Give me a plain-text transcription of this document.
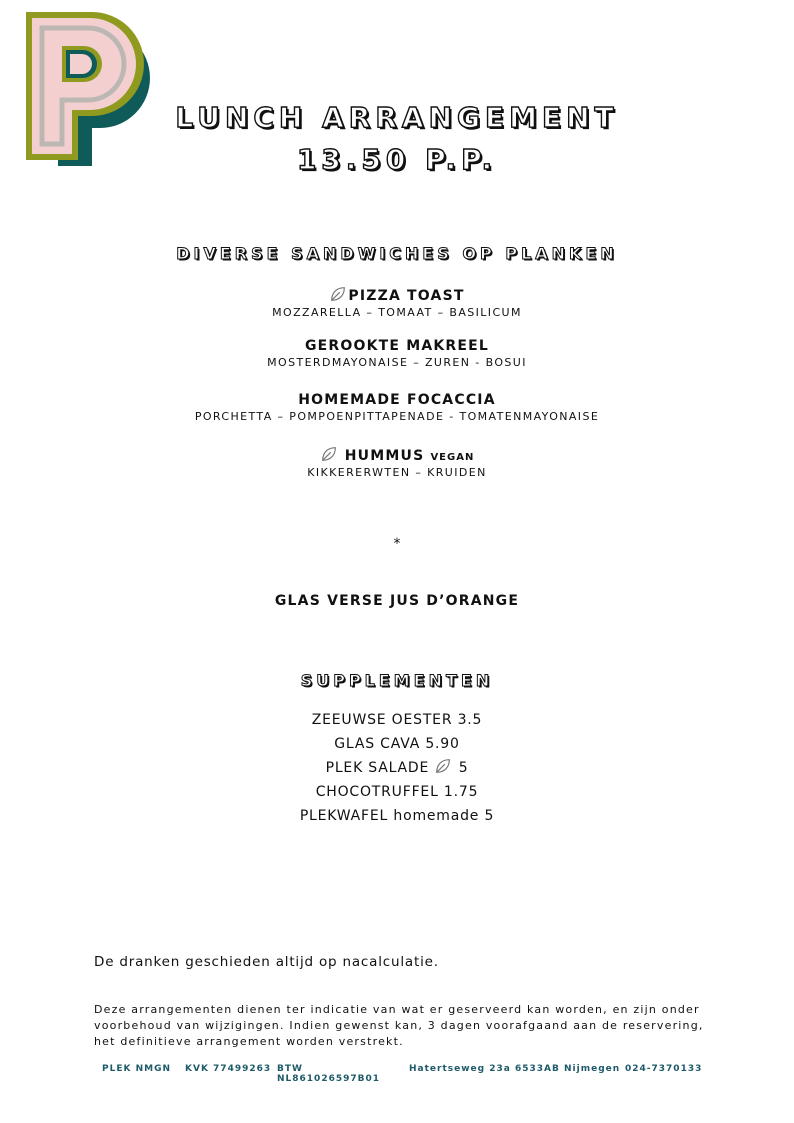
LUNCH ARRANGEMENT
13.50 P.P.
DIVERSE SANDWICHES OP PLANKEN
PIZZA TOAST
MOZZARELLA – TOMAAT – BASILICUM
GEROOKTE MAKREEL
MOSTERDMAYONAISE – ZUREN - BOSUI
HOMEMADE FOCACCIA
PORCHETTA – POMPOENPITTAPENADE - TOMATENMAYONAISE
HUMMUS VEGAN
KIKKERERWTEN – KRUIDEN
*
GLAS VERSE JUS D’ORANGE
SUPPLEMENTEN
ZEEUWSE OESTER 3.5
GLAS CAVA 5.90
PLEK SALADE 5
CHOCOTRUFFEL 1.75
PLEKWAFEL homemade 5
De dranken geschieden altijd op nacalculatie.
Deze arrangementen dienen ter indicatie van wat er geserveerd kan worden, en zijn onder voorbehoud van wijzigingen. Indien gewenst kan, 3 dagen voorafgaand aan de reservering, het definitieve arrangement worden verstrekt.
PLEK NMGN	KVK 77499263 BTW NL861026597B01
Hatertseweg 23a 6533AB Nijmegen 024-7370133
